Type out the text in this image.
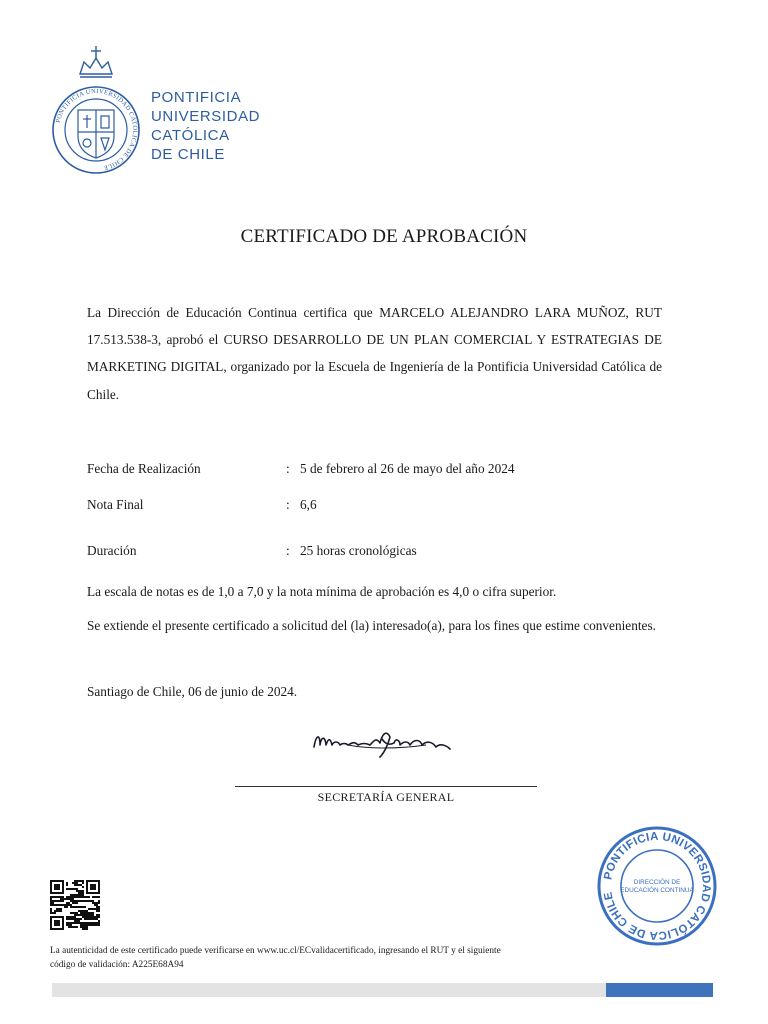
PONTIFICIA UNIVERSIDAD CATÓLICA DE CHILE
PONTIFICIA
UNIVERSIDAD
CATÓLICA
DE CHILE
CERTIFICADO DE APROBACIÓN
La Dirección de Educación Continua certifica que MARCELO ALEJANDRO LARA MUÑOZ, RUT 17.513.538-3, aprobó el CURSO DESARROLLO DE UN PLAN COMERCIAL Y ESTRATEGIAS DE MARKETING DIGITAL, organizado por la Escuela de Ingeniería de la Pontificia Universidad Católica de Chile.
Fecha de Realización	: 5 de febrero al 26 de mayo del año 2024
Nota Final	: 6,6
Duración	: 25 horas cronológicas
La escala de notas es de 1,0 a 7,0 y la nota mínima de aprobación es 4,0 o cifra superior.
Se extiende el presente certificado a solicitud del (la) interesado(a), para los fines que estime convenientes.
Santiago de Chile, 06 de junio de 2024.
SECRETARÍA GENERAL
PONTIFICIA UNIVERSIDAD CATÓLICA DE CHILE
DIRECCIÓN DE
EDUCACIÓN CONTINUA
La autenticidad de este certificado puede verificarse en www.uc.cl/ECvalidacertificado, ingresando el RUT y el siguiente
código de validación: A225E68A94
